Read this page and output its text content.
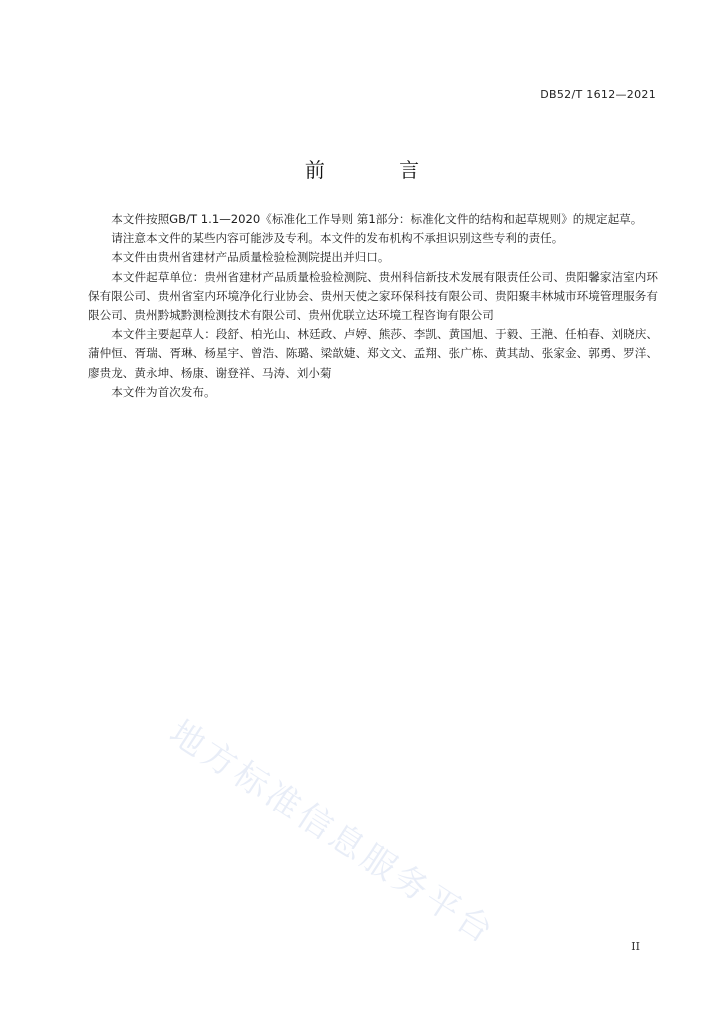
DB52/T 1612—2021
前 言

本文件按照GB/T 1.1—2020《标准化工作导则 第1部分：标准化文件的结构和起草规则》的规定起草。

请注意本文件的某些内容可能涉及专利。本文件的发布机构不承担识别这些专利的责任。

本文件由贵州省建材产品质量检验检测院提出并归口。

本文件起草单位：贵州省建材产品质量检验检测院、贵州科信新技术发展有限责任公司、贵阳馨家洁室内环保有限公司、贵州省室内环境净化行业协会、贵州天使之家环保科技有限公司、贵阳聚丰林城市环境管理服务有限公司、贵州黔城黔测检测技术有限公司、贵州优联立达环境工程咨询有限公司

本文件主要起草人：段舒、柏光山、林廷政、卢婷、熊莎、李凯、黄国旭、于毅、王滟、任柏春、刘晓庆、蒲仲恒、胥瑞、胥琳、杨星宇、曾浩、陈璐、梁歆婕、郑文文、孟翔、张广栋、黄其劼、张家金、郭勇、罗洋、廖贵龙、黄永坤、杨康、谢登祥、马涛、刘小菊

本文件为首次发布。

地方标准信息服务平台	II
